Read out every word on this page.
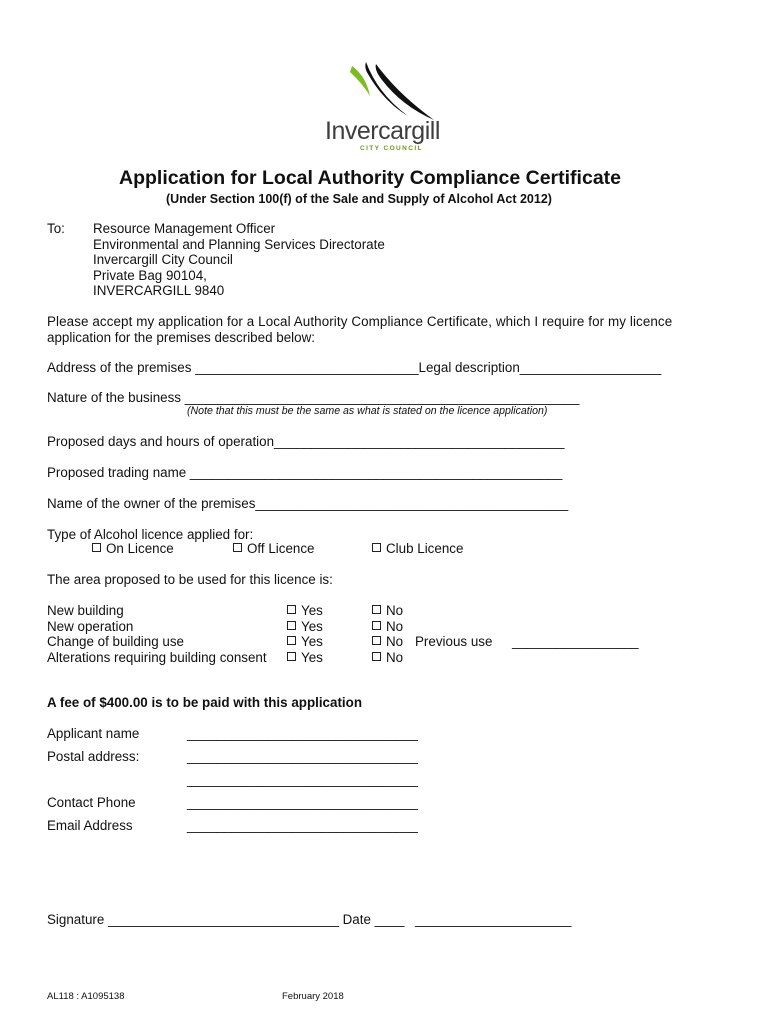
Invercargill
CITY COUNCIL
Application for Local Authority Compliance Certificate
(Under Section 100(f) of the Sale and Supply of Alcohol Act 2012)
To: Resource Management Officer
Environmental and Planning Services Directorate
Invercargill City Council
Private Bag 90104,
INVERCARGILL 9840
Please accept my application for a Local Authority Compliance Certificate, which I require for my licence
application for the premises described below:
Address of the premises ______________________________Legal description___________________
Nature of the business _____________________________________________________
(Note that this must be the same as what is stated on the licence application)
Proposed days and hours of operation_______________________________________
Proposed trading name __________________________________________________
Name of the owner of the premises__________________________________________
Type of Alcohol licence applied for:
On Licence	Off Licence	Club Licence
The area proposed to be used for this licence is:
New building	Yes	No
New operation	Yes	No
Change of building use	Yes	No Previous use _________________
Alterations requiring building consent	Yes	No
A fee of $400.00 is to be paid with this application
Applicant name	_______________________________
Postal address:	_______________________________
_______________________________
Contact Phone	_______________________________
Email Address	_______________________________
Signature _______________________________ Date ____ _____________________
AL118 : A1095138	February 2018
